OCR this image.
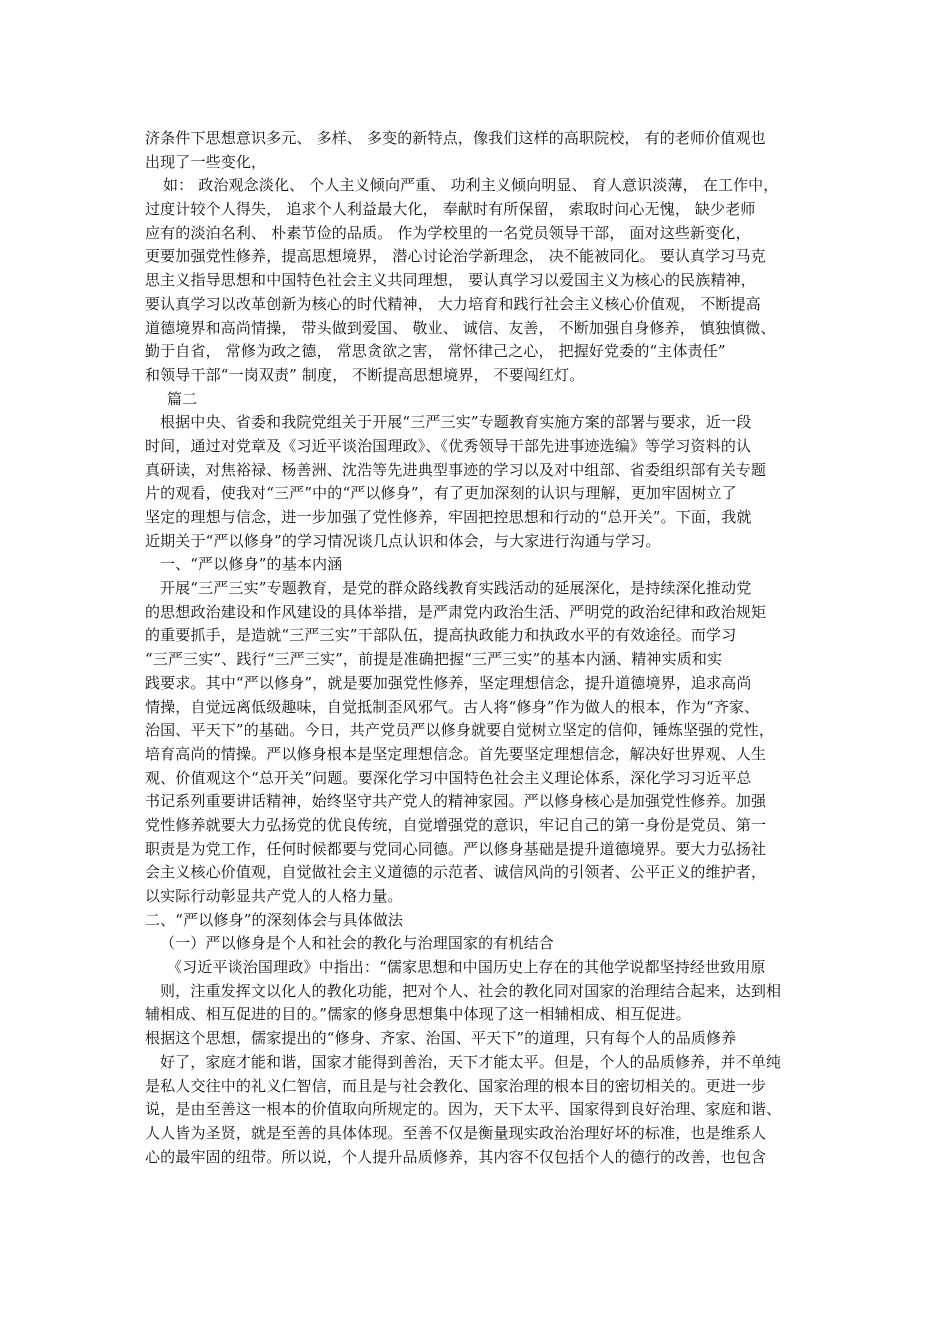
济条件下思想意识多元、 多样、 多变的新特点，像我们这样的高职院校， 有的老师价值观也
出现了一些变化，
如： 政治观念淡化、 个人主义倾向严重、 功利主义倾向明显、 育人意识淡薄， 在工作中，
过度计较个人得失， 追求个人利益最大化， 奉献时有所保留， 索取时问心无愧， 缺少老师
应有的淡泊名利、 朴素节俭的品质。 作为学校里的一名党员领导干部， 面对这些新变化，
更要加强党性修养，提高思想境界， 潜心讨论治学新理念， 决不能被同化。 要认真学习马克
思主义指导思想和中国特色社会主义共同理想， 要认真学习以爱国主义为核心的民族精神，
要认真学习以改革创新为核心的时代精神， 大力培育和践行社会主义核心价值观， 不断提高
道德境界和高尚情操， 带头做到爱国、 敬业、 诚信、友善， 不断加强自身修养， 慎独慎微、
勤于自省， 常修为政之德， 常思贪欲之害， 常怀律己之心， 把握好党委的“主体责任”
和领导干部“一岗双责” 制度， 不断提高思想境界， 不要闯红灯。
篇二
根据中央、省委和我院党组关于开展“三严三实”专题教育实施方案的部署与要求，近一段
时间，通过对党章及《习近平谈治国理政》、《优秀领导干部先进事迹选编》等学习资料的认
真研读，对焦裕禄、杨善洲、沈浩等先进典型事迹的学习以及对中组部、省委组织部有关专题
片的观看，使我对“三严”中的“严以修身”，有了更加深刻的认识与理解，更加牢固树立了
坚定的理想与信念，进一步加强了党性修养，牢固把控思想和行动的“总开关”。下面，我就
近期关于“严以修身”的学习情况谈几点认识和体会，与大家进行沟通与学习。
一、“严以修身”的基本内涵
开展“三严三实”专题教育，是党的群众路线教育实践活动的延展深化，是持续深化推动党
的思想政治建设和作风建设的具体举措，是严肃党内政治生活、严明党的政治纪律和政治规矩
的重要抓手，是造就“三严三实”干部队伍，提高执政能力和执政水平的有效途径。而学习
“三严三实”、践行“三严三实”，前提是准确把握“三严三实”的基本内涵、精神实质和实
践要求。其中“严以修身”，就是要加强党性修养，坚定理想信念，提升道德境界，追求高尚
情操，自觉远离低级趣味，自觉抵制歪风邪气。古人将“修身”作为做人的根本，作为“齐家、
治国、平天下”的基础。今日，共产党员严以修身就要自觉树立坚定的信仰，锤炼坚强的党性，
培育高尚的情操。严以修身根本是坚定理想信念。首先要坚定理想信念，解决好世界观、人生
观、价值观这个“总开关”问题。要深化学习中国特色社会主义理论体系，深化学习习近平总
书记系列重要讲话精神，始终坚守共产党人的精神家园。严以修身核心是加强党性修养。加强
党性修养就要大力弘扬党的优良传统，自觉增强党的意识，牢记自己的第一身份是党员、第一
职责是为党工作，任何时候都要与党同心同德。严以修身基础是提升道德境界。要大力弘扬社
会主义核心价值观，自觉做社会主义道德的示范者、诚信风尚的引领者、公平正义的维护者，
以实际行动彰显共产党人的人格力量。
二、“严以修身”的深刻体会与具体做法
（一）严以修身是个人和社会的教化与治理国家的有机结合
《习近平谈治国理政》中指出：“儒家思想和中国历史上存在的其他学说都坚持经世致用原
则，注重发挥文以化人的教化功能，把对个人、社会的教化同对国家的治理结合起来，达到相
辅相成、相互促进的目的。”儒家的修身思想集中体现了这一相辅相成、相互促进。
根据这个思想，儒家提出的“修身、齐家、治国、平天下”的道理，只有每个人的品质修养
好了，家庭才能和谐，国家才能得到善治，天下才能太平。但是，个人的品质修养，并不单纯
是私人交往中的礼义仁智信，而且是与社会教化、国家治理的根本目的密切相关的。更进一步
说，是由至善这一根本的价值取向所规定的。因为，天下太平、国家得到良好治理、家庭和谐、
人人皆为圣贤，就是至善的具体体现。至善不仅是衡量现实政治治理好坏的标准，也是维系人
心的最牢固的纽带。所以说，个人提升品质修养，其内容不仅包括个人的德行的改善，也包含
